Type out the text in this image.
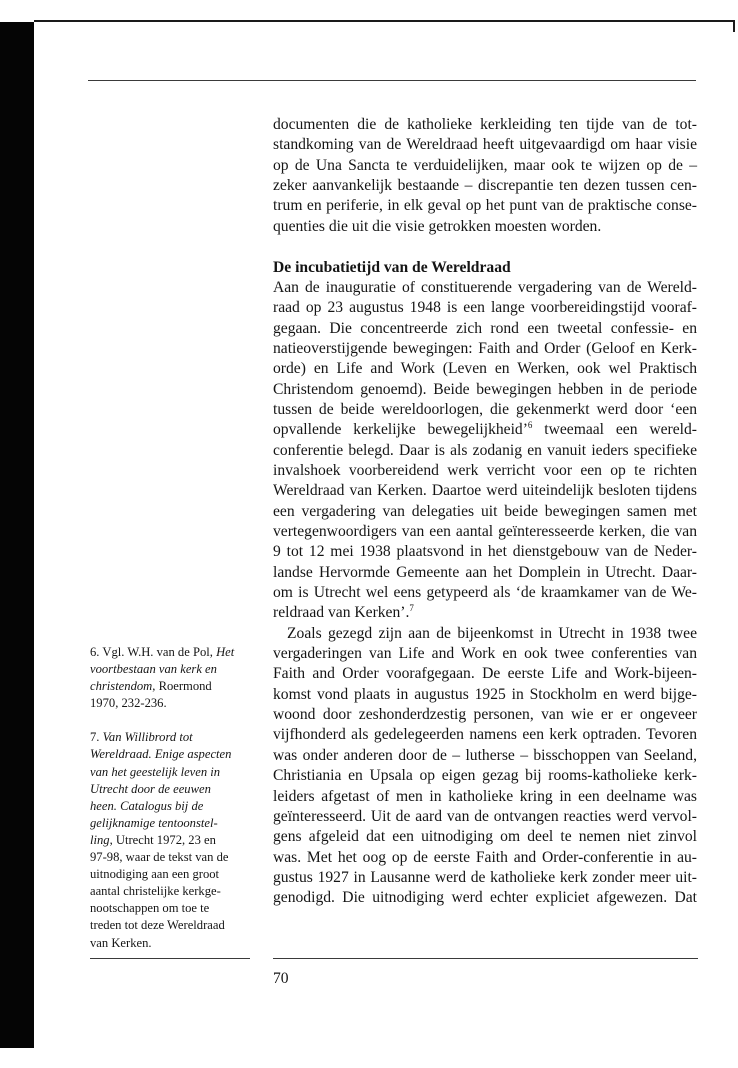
documenten die de katholieke kerkleiding ten tijde van de tot-
standkoming van de Wereldraad heeft uitgevaardigd om haar visie
op de Una Sancta te verduidelijken, maar ook te wijzen op de –
zeker aanvankelijk bestaande – discrepantie ten dezen tussen cen-
trum en periferie, in elk geval op het punt van de praktische conse-
quenties die uit die visie getrokken moesten worden.

De incubatietijd van de Wereldraad

Aan de inauguratie of constituerende vergadering van de Wereld-
raad op 23 augustus 1948 is een lange voorbereidingstijd vooraf-
gegaan. Die concentreerde zich rond een tweetal confessie- en
natieoverstijgende bewegingen: Faith and Order (Geloof en Kerk-
orde) en Life and Work (Leven en Werken, ook wel Praktisch
Christendom genoemd). Beide bewegingen hebben in de periode
tussen de beide wereldoorlogen, die gekenmerkt werd door ‘een
opvallende kerkelijke bewegelijkheid’$^6$ tweemaal een wereld-
conferentie belegd. Daar is als zodanig en vanuit ieders specifieke
invalshoek voorbereidend werk verricht voor een op te richten
Wereldraad van Kerken. Daartoe werd uiteindelijk besloten tijdens
een vergadering van delegaties uit beide bewegingen samen met
vertegenwoordigers van een aantal geïnteresseerde kerken, die van
9 tot 12 mei 1938 plaatsvond in het dienstgebouw van de Neder-
landse Hervormde Gemeente aan het Domplein in Utrecht. Daar-
om is Utrecht wel eens getypeerd als ‘de kraamkamer van de We-
reldraad van Kerken’.$^7$

Zoals gezegd zijn aan de bijeenkomst in Utrecht in 1938 twee
vergaderingen van Life and Work en ook twee conferenties van
Faith and Order voorafgegaan. De eerste Life and Work-bijeen-
komst vond plaats in augustus 1925 in Stockholm en werd bijge-
woond door zeshonderdzestig personen, van wie er er ongeveer
vijfhonderd als gedelegeerden namens een kerk optraden. Tevoren
was onder anderen door de – lutherse – bisschoppen van Seeland,
Christiania en Upsala op eigen gezag bij rooms-katholieke kerk-
leiders afgetast of men in katholieke kring in een deelname was
geïnteresseerd. Uit de aard van de ontvangen reacties werd vervol-
gens afgeleid dat een uitnodiging om deel te nemen niet zinvol
was. Met het oog op de eerste Faith and Order-conferentie in au-
gustus 1927 in Lausanne werd de katholieke kerk zonder meer uit-
genodigd. Die uitnodiging werd echter expliciet afgewezen. Dat

6. Vgl. W.H. van de Pol, Het
voortbestaan van kerk en
christendom, Roermond
1970, 232-236.
7. Van Willibrord tot
Wereldraad. Enige aspecten
van het geestelijk leven in
Utrecht door de eeuwen
heen. Catalogus bij de
gelijknamige tentoonstel-
ling, Utrecht 1972, 23 en
97-98, waar de tekst van de
uitnodiging aan een groot
aantal christelijke kerkge-
nootschappen om toe te
treden tot deze Wereldraad
van Kerken.
70
